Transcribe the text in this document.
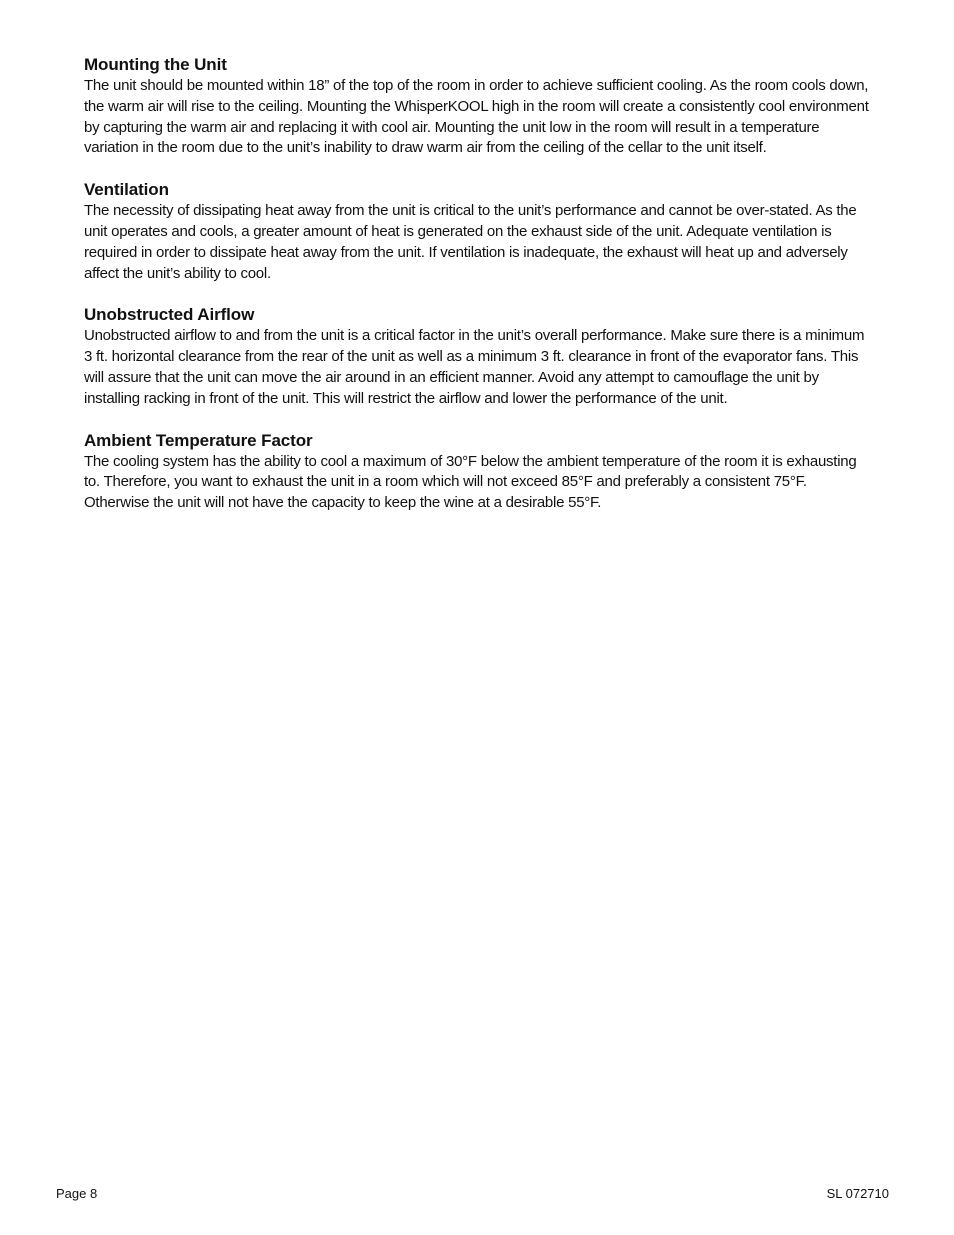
Mounting the Unit

The unit should be mounted within 18” of the top of the room in order to achieve sufficient cooling. As the room cools down, the warm air will rise to the ceiling. Mounting the WhisperKOOL high in the room will create a consistently cool environment by capturing the warm air and replacing it with cool air. Mounting the unit low in the room will result in a temperature variation in the room due to the unit’s inability to draw warm air from the ceiling of the cellar to the unit itself.

Ventilation

The necessity of dissipating heat away from the unit is critical to the unit’s performance and cannot be over-stated. As the unit operates and cools, a greater amount of heat is generated on the exhaust side of the unit. Adequate ventilation is required in order to dissipate heat away from the unit. If ventilation is inadequate, the exhaust will heat up and adversely affect the unit’s ability to cool.

Unobstructed Airflow

Unobstructed airflow to and from the unit is a critical factor in the unit’s overall performance. Make sure there is a minimum 3 ft. horizontal clearance from the rear of the unit as well as a minimum 3 ft. clearance in front of the evaporator fans. This will assure that the unit can move the air around in an efficient manner. Avoid any attempt to camouflage the unit by installing racking in front of the unit. This will restrict the airflow and lower the performance of the unit.

Ambient Temperature Factor

The cooling system has the ability to cool a maximum of 30°F below the ambient temperature of the room it is exhausting to. Therefore, you want to exhaust the unit in a room which will not exceed 85°F and preferably a consistent 75°F. Otherwise the unit will not have the capacity to keep the wine at a desirable 55°F.

Page 8	SL 072710
